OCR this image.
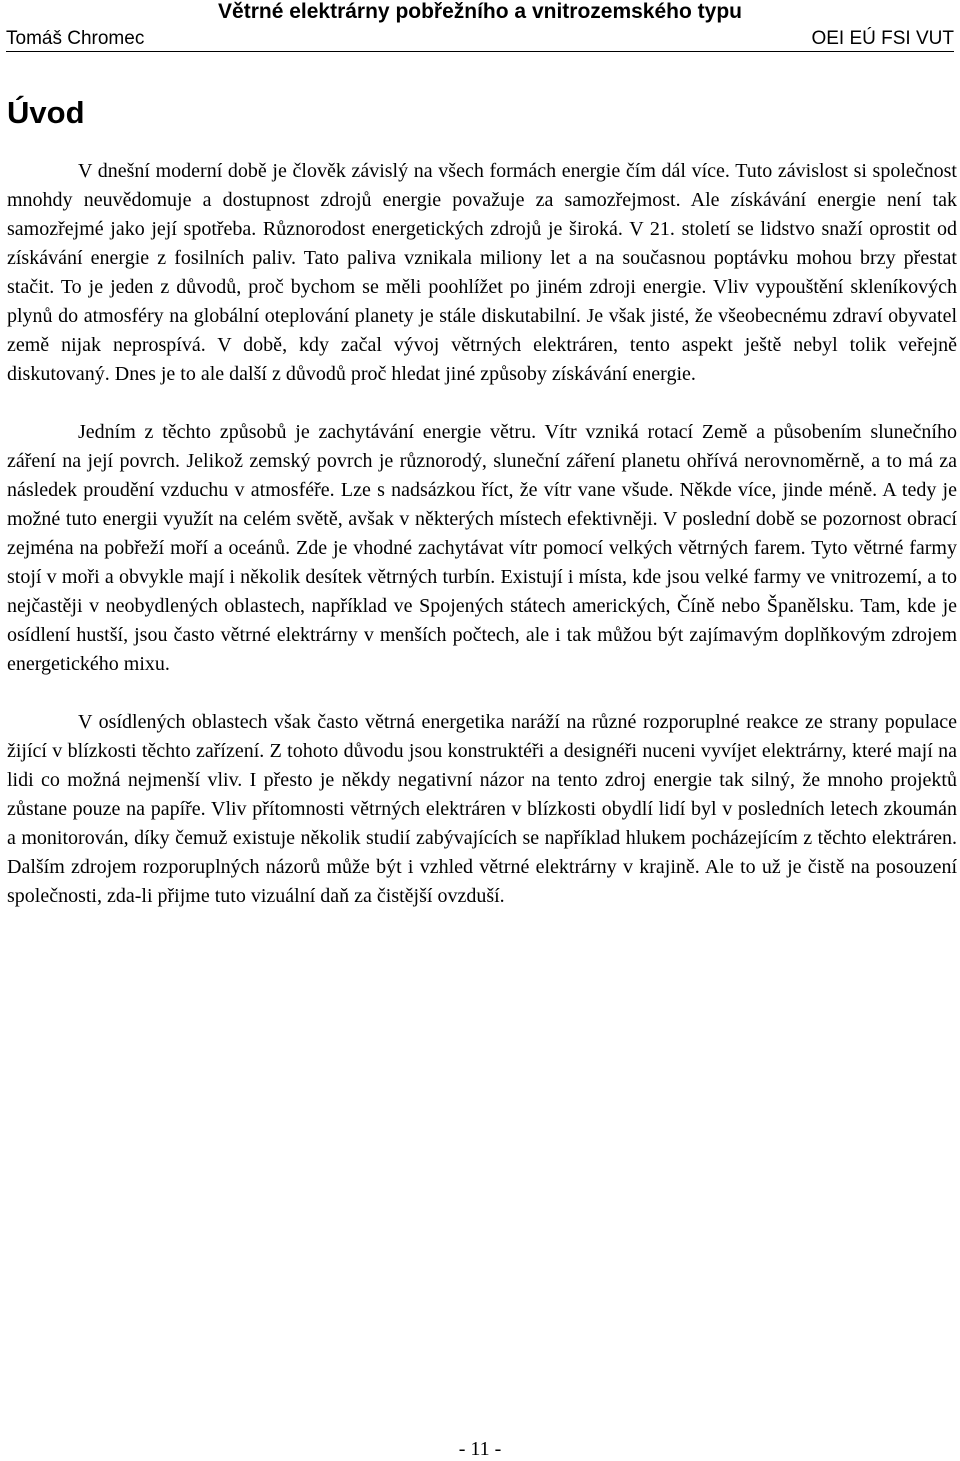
Větrné elektrárny pobřežního a vnitrozemského typu
Tomáš Chromec	OEI EÚ FSI VUT
Úvod

V dnešní moderní době je člověk závislý na všech formách energie čím dál více. Tuto závislost si společnost mnohdy neuvědomuje a dostupnost zdrojů energie považuje za samozřejmost. Ale získávání energie není tak samozřejmé jako její spotřeba. Různorodost energetických zdrojů je široká. V 21. století se lidstvo snaží oprostit od získávání energie z fosilních paliv. Tato paliva vznikala miliony let a na současnou poptávku mohou brzy přestat stačit. To je jeden z důvodů, proč bychom se měli poohlížet po jiném zdroji energie. Vliv vypouštění skleníkových plynů do atmosféry na globální oteplování planety je stále diskutabilní. Je však jisté, že všeobecnému zdraví obyvatel země nijak neprospívá. V době, kdy začal vývoj větrných elektráren, tento aspekt ještě nebyl tolik veřejně diskutovaný. Dnes je to ale další z důvodů proč hledat jiné způsoby získávání energie.

Jedním z těchto způsobů je zachytávání energie větru. Vítr vzniká rotací Země a působením slunečního záření na její povrch. Jelikož zemský povrch je různorodý, sluneční záření planetu ohřívá nerovnoměrně, a to má za následek proudění vzduchu v atmosféře. Lze s nadsázkou říct, že vítr vane všude. Někde více, jinde méně. A tedy je možné tuto energii využít na celém světě, avšak v některých místech efektivněji. V poslední době se pozornost obrací zejména na pobřeží moří a oceánů. Zde je vhodné zachytávat vítr pomocí velkých větrných farem. Tyto větrné farmy stojí v moři a obvykle mají i několik desítek větrných turbín. Existují i místa, kde jsou velké farmy ve vnitrozemí, a to nejčastěji v neobydlených oblastech, například ve Spojených státech amerických, Číně nebo Španělsku. Tam, kde je osídlení hustší, jsou často větrné elektrárny v menších počtech, ale i tak můžou být zajímavým doplňkovým zdrojem energetického mixu.

V osídlených oblastech však často větrná energetika naráží na různé rozporuplné reakce ze strany populace žijící v blízkosti těchto zařízení. Z tohoto důvodu jsou konstruktéři a designéři nuceni vyvíjet elektrárny, které mají na lidi co možná nejmenší vliv. I přesto je někdy negativní názor na tento zdroj energie tak silný, že mnoho projektů zůstane pouze na papíře. Vliv přítomnosti větrných elektráren v blízkosti obydlí lidí byl v posledních letech zkoumán a monitorován, díky čemuž existuje několik studií zabývajících se například hlukem pocházejícím z těchto elektráren. Dalším zdrojem rozporuplných názorů může být i vzhled větrné elektrárny v krajině. Ale to už je čistě na posouzení společnosti, zda-li přijme tuto vizuální daň za čistější ovzduší.

- 11 -
